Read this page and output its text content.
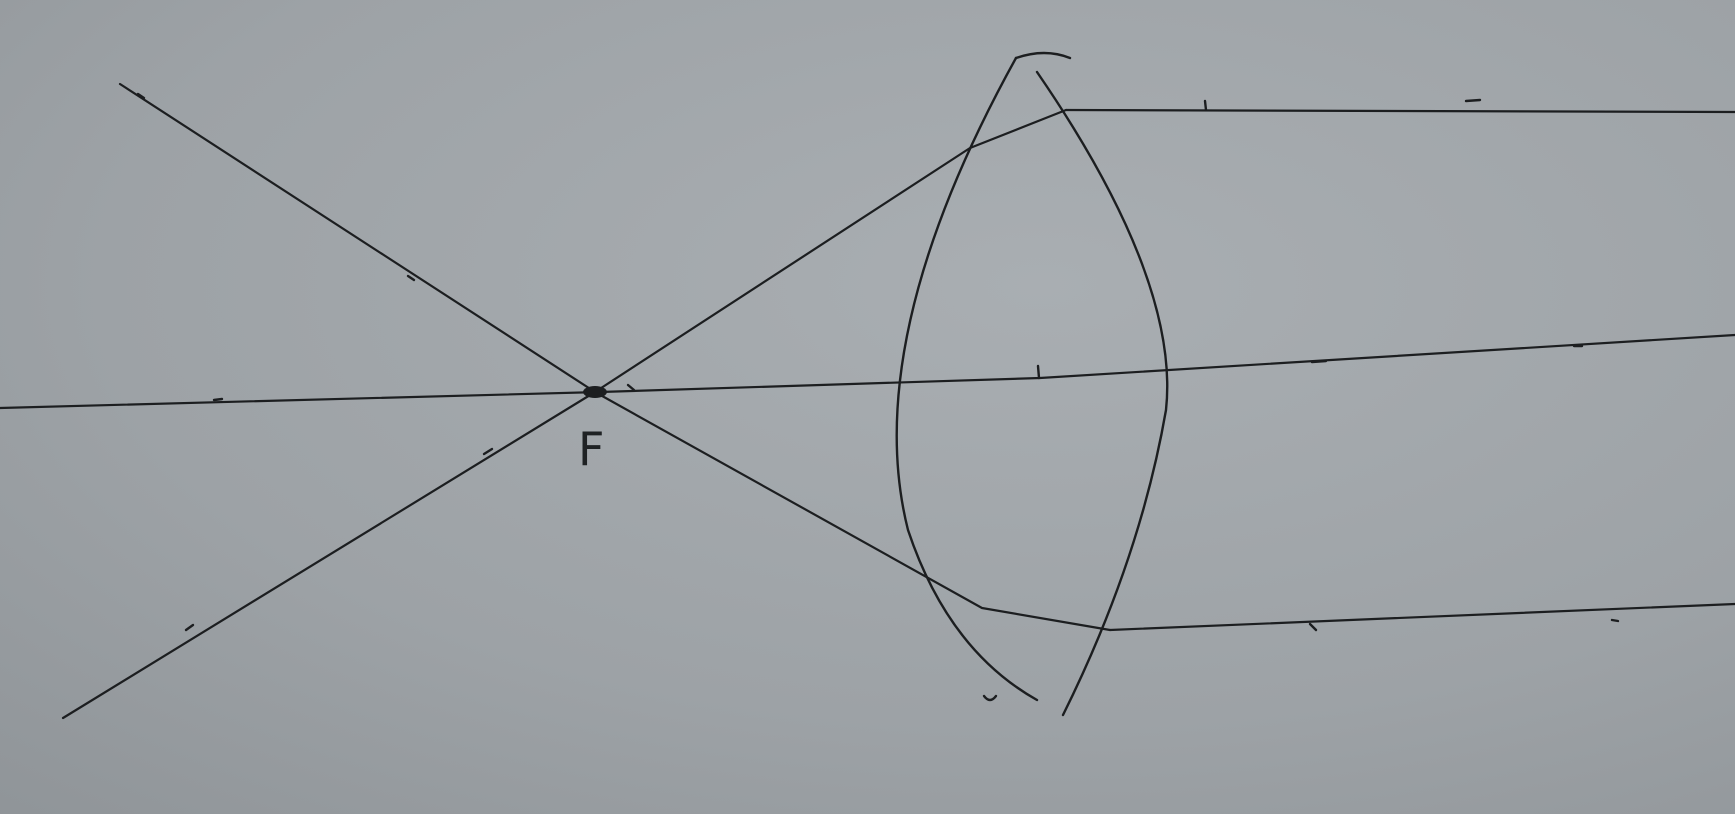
F
